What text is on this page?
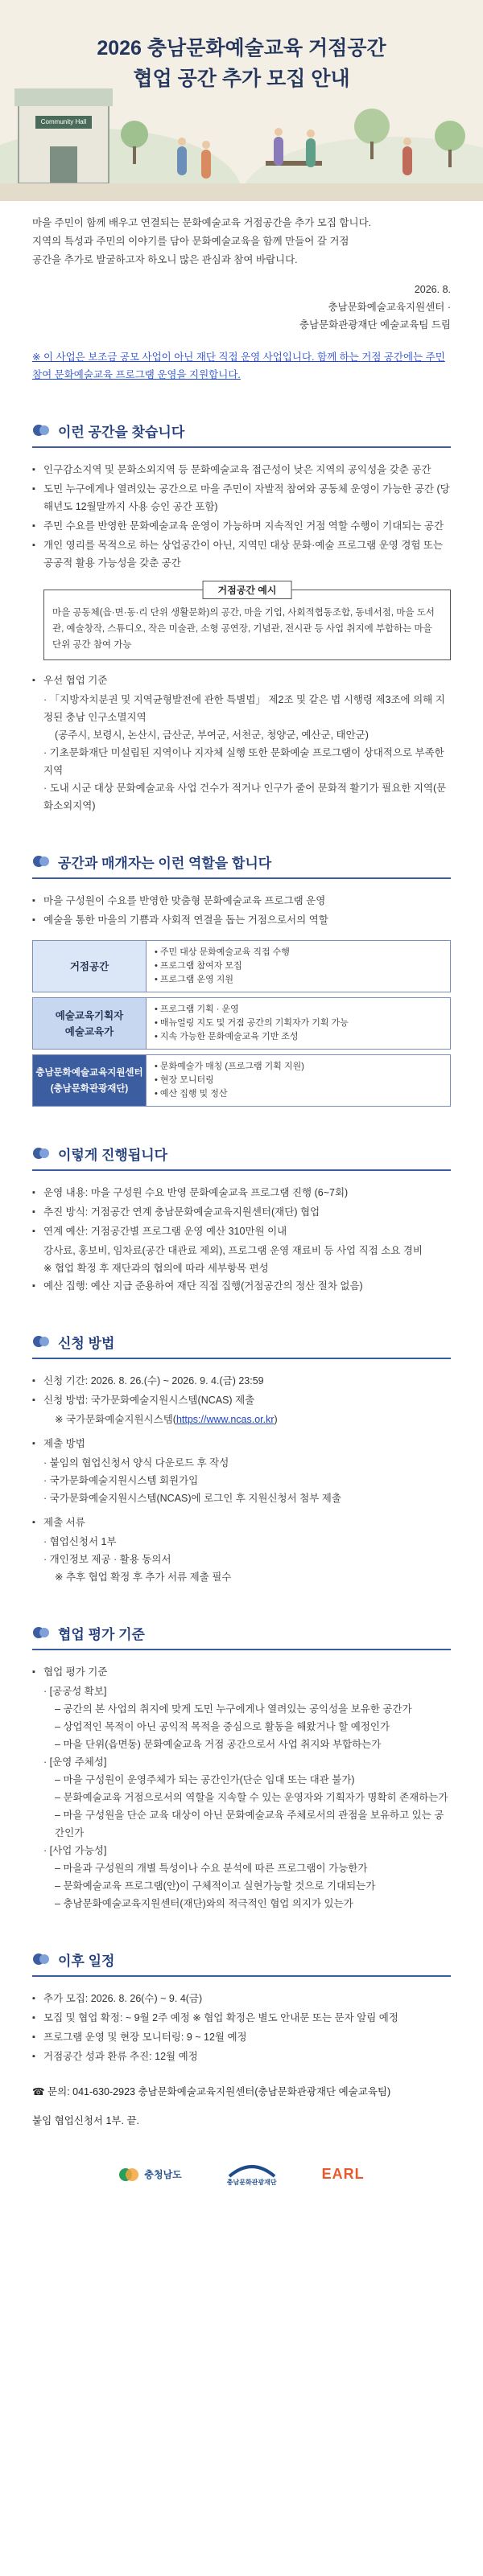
Community Hall
2026 충남문화예술교육 거점공간
협업 공간 추가 모집 안내

마을 주민이 함께 배우고 연결되는 문화예술교육 거점공간을 추가 모집 합니다.

지역의 특성과 주민의 이야기를 담아 문화예술교육을 함께 만들어 갈 거점

공간을 추가로 발굴하고자 하오니 많은 관심과 참여 바랍니다.

2026. 8.
충남문화예술교육지원센터 ·
충남문화관광재단 예술교육팀 드림
※ 이 사업은 보조금 공모 사업이 아닌 재단 직접 운영 사업입니다. 함께 하는 거점 공간에는 주민 참여 문화예술교육 프로그램 운영을 지원합니다.
이런 공간을 찾습니다
▪ 인구감소지역 및 문화소외지역 등 문화예술교육 접근성이 낮은 지역의 공익성을 갖춘 공간
▪ 도민 누구에게나 열려있는 공간으로 마을 주민이 자발적 참여와 공동체 운영이 가능한 공간 (당해년도 12월말까지 사용 승인 공간 포함)
▪ 주민 수요를 반영한 문화예술교육 운영이 가능하며 지속적인 거점 역할 수행이 기대되는 공간
▪ 개인 영리를 목적으로 하는 상업공간이 아닌, 지역민 대상 문화·예술 프로그램 운영 경험 또는 공공적 활용 가능성을 갖춘 공간
거점공간 예시
마을 공동체(읍·면·동·리 단위 생활문화)의 공간, 마을 기업, 사회적협동조합, 동네서점, 마을 도서관, 예술창작, 스튜디오, 작은 미술관, 소형 공연장, 기념관, 전시관 등 사업 취지에 부합하는 마을 단위 공간 참여 가능
▪ 우선 협업 기준
· 「지방자치분권 및 지역균형발전에 관한 특별법」 제2조 및 같은 법 시행령 제3조에 의해 지정된 충남 인구소멸지역
(공주시, 보령시, 논산시, 금산군, 부여군, 서천군, 청양군, 예산군, 태안군)
· 기초문화재단 미설립된 지역이나 지자체 실행 또한 문화예술 프로그램이 상대적으로 부족한 지역
· 도내 시군 대상 문화예술교육 사업 건수가 적거나 인구가 줄어 문화적 활기가 필요한 지역(문화소외지역)
공간과 매개자는 이런 역할을 합니다
▪ 마을 구성원이 수요를 반영한 맞춤형 문화예술교육 프로그램 운영
▪ 예술을 통한 마을의 기쁨과 사회적 연결을 돕는 거점으로서의 역할
거점공간
• 주민 대상 문화예술교육 직접 수행
• 프로그램 참여자 모집
• 프로그램 운영 지원
예술교육기획자
예술교육가
• 프로그램 기획 · 운영
• 매뉴얼링 지도 및 거점 공간의 기획자가 기획 가능
• 지속 가능한 문화예술교육 기반 조성
충남문화예술교육지원센터
(충남문화관광재단)
• 문화예술가 매칭 (프로그램 기획 지원)
• 현장 모니터링
• 예산 집행 및 정산
이렇게 진행됩니다
▪ 운영 내용: 마을 구성원 수요 반영 문화예술교육 프로그램 진행 (6~7회)
▪ 추진 방식: 거점공간 연계 충남문화예술교육지원센터(재단) 협업
▪ 연계 예산: 거점공간별 프로그램 운영 예산 310만원 이내
강사료, 홍보비, 임차료(공간 대관료 제외), 프로그램 운영 재료비 등 사업 직접 소요 경비
※ 협업 확정 후 재단과의 협의에 따라 세부항목 편성
▪ 예산 집행: 예산 지급 준용하여 재단 직접 집행(거점공간의 정산 절차 없음)
신청 방법
▪ 신청 기간: 2026. 8. 26.(수) ~ 2026. 9. 4.(금) 23:59
▪ 신청 방법: 국가문화예술지원시스템(NCAS) 제출
※ 국가문화예술지원시스템(https://www.ncas.or.kr)
▪ 제출 방법
· 붙임의 협업신청서 양식 다운로드 후 작성
· 국가문화예술지원시스템 회원가입
· 국가문화예술지원시스템(NCAS)에 로그인 후 지원신청서 첨부 제출
▪ 제출 서류
· 협업신청서 1부
· 개인정보 제공 · 활용 동의서
※ 추후 협업 확정 후 추가 서류 제출 필수
협업 평가 기준
▪ 협업 평가 기준
· [공공성 확보]
– 공간의 본 사업의 취지에 맞게 도민 누구에게나 열려있는 공익성을 보유한 공간가
– 상업적인 목적이 아닌 공익적 목적을 중심으로 활동을 해왔거나 할 예정인가
– 마을 단위(읍면동) 문화예술교육 거점 공간으로서 사업 취지와 부합하는가
· [운영 주체성]
– 마을 구성원이 운영주체가 되는 공간인가(단순 임대 또는 대관 불가)
– 문화예술교육 거점으로서의 역할을 지속할 수 있는 운영자와 기획자가 명확히 존재하는가
– 마을 구성원을 단순 교육 대상이 아닌 문화예술교육 주체로서의 관점을 보유하고 있는 공간인가
· [사업 가능성]
– 마을과 구성원의 개별 특성이나 수요 분석에 따른 프로그램이 가능한가
– 문화예술교육 프로그램(안)이 구체적이고 실현가능할 것으로 기대되는가
– 충남문화예술교육지원센터(재단)와의 적극적인 협업 의지가 있는가
이후 일정
▪ 추가 모집: 2026. 8. 26(수) ~ 9. 4(금)
▪ 모집 및 협업 확정: ~ 9월 2주 예정 ※ 협업 확정은 별도 안내문 또는 문자 알림 예정
▪ 프로그램 운영 및 현장 모니터링: 9 ~ 12월 예정
▪ 거점공간 성과 환류 추진: 12월 예정
☎ 문의: 041-630-2923 충남문화예술교육지원센터(충남문화관광재단 예술교육팀)
붙임 협업신청서 1부. 끝.
충청남도
충남문화관광재단
EARL
